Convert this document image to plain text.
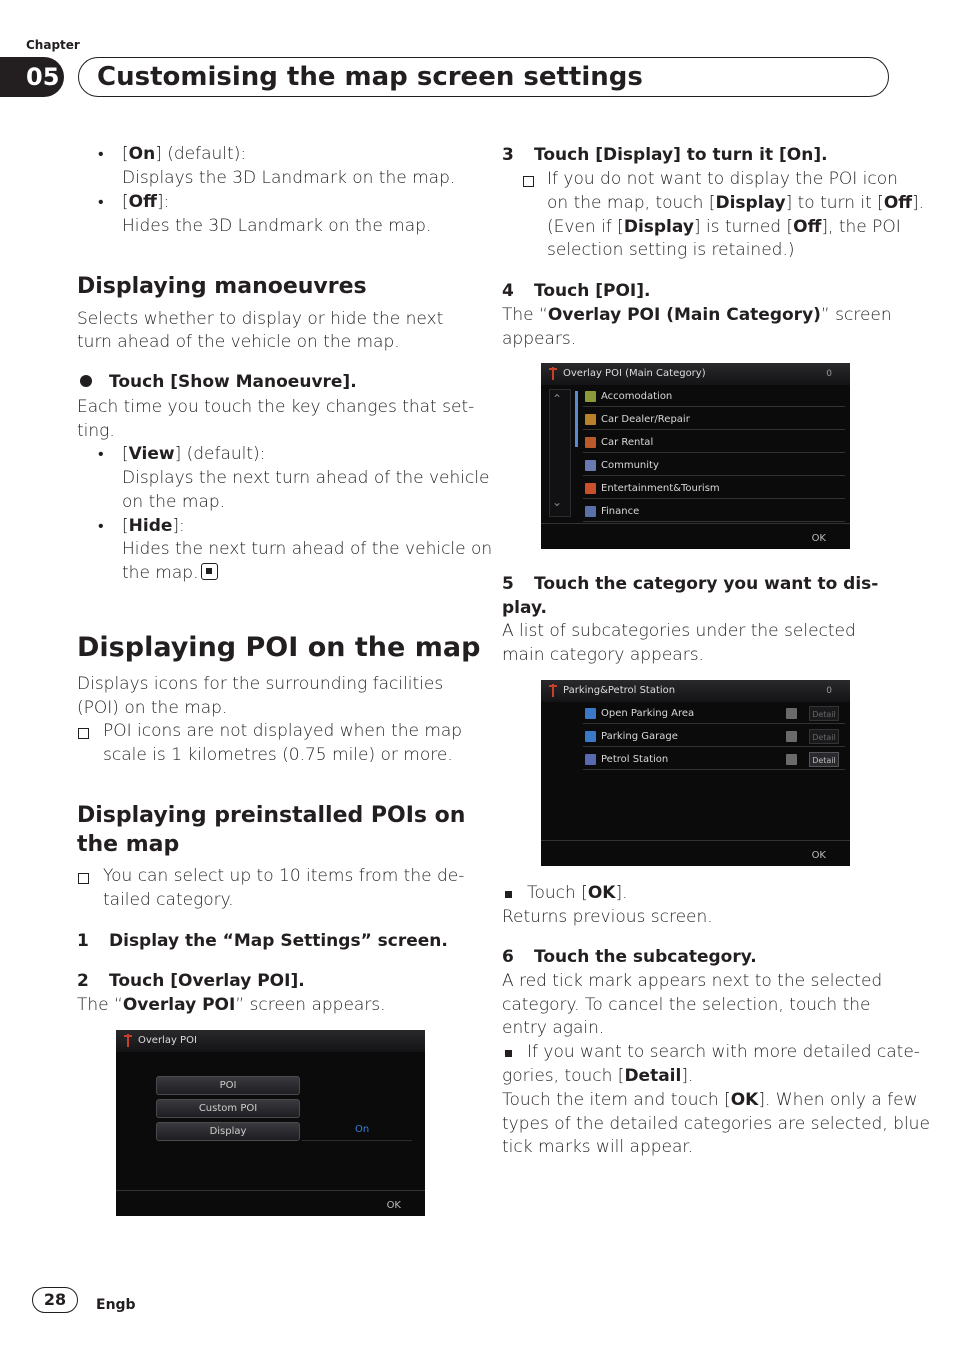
Chapter
05 Customising the map screen settings
• [On] (default):
Displays the 3D Landmark on the map.
• [Off]:
Hides the 3D Landmark on the map.
Displaying manoeuvres
Selects whether to display or hide the next
turn ahead of the vehicle on the map.
Touch [Show Manoeuvre].
Each time you touch the key changes that set-
ting.
• [View] (default):
Displays the next turn ahead of the vehicle
on the map.
• [Hide]:
Hides the next turn ahead of the vehicle on
the map.
Displaying POI on the map
Displays icons for the surrounding facilities
(POI) on the map.
POI icons are not displayed when the map
scale is 1 kilometres (0.75 mile) or more.
Displaying preinstalled POIs on
the map
You can select up to 10 items from the de-
tailed category.
1 Display the “Map Settings” screen.
2 Touch [Overlay POI].
The “Overlay POI” screen appears.
Overlay POI
POI
Custom POI
Display	On
OK
3 Touch [Display] to turn it [On].
If you do not want to display the POI icon
on the map, touch [Display] to turn it [Off].
(Even if [Display] is turned [Off], the POI
selection setting is retained.)
4 Touch [POI].
The “Overlay POI (Main Category)” screen
appears.
Overlay POI (Main Category)	0
⌃
⌄
Accomodation
Car Dealer/Repair
Car Rental
Community
Entertainment&Tourism
Finance
OK
5 Touch the category you want to dis-
play.
A list of subcategories under the selected
main category appears.
Parking&Petrol Station	0
Open Parking Area	Detail
Parking Garage	Detail
Petrol Station	Detail
OK
Touch [OK].
Returns previous screen.
6 Touch the subcategory.
A red tick mark appears next to the selected
category. To cancel the selection, touch the
entry again.
If you want to search with more detailed cate-
gories, touch [Detail].
Touch the item and touch [OK]. When only a few
types of the detailed categories are selected, blue
tick marks will appear.
28	Engb
